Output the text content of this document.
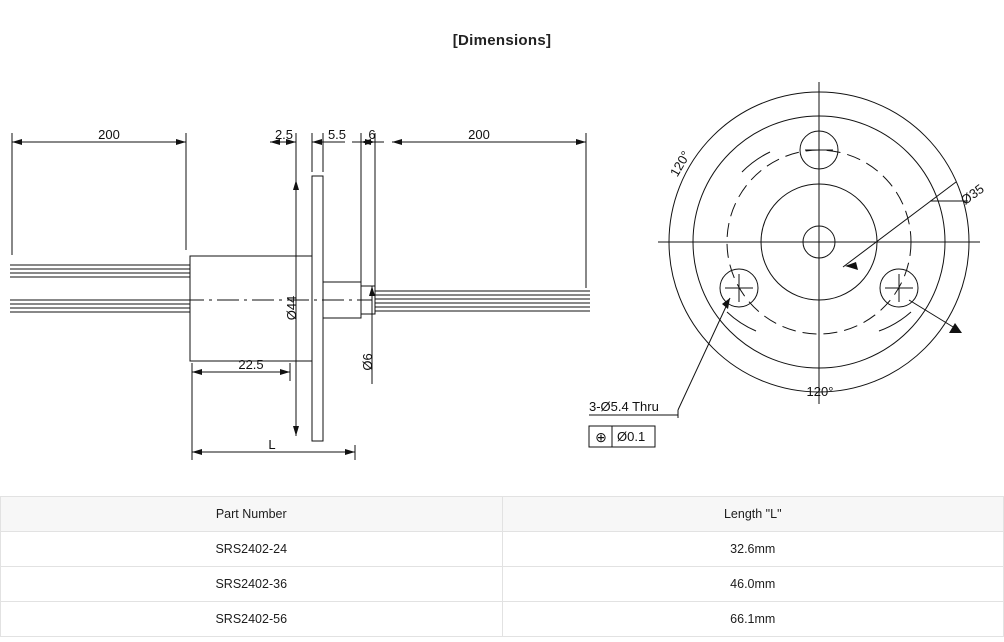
[Dimensions]
200	2.5	5.5 6	200
22.5
L
Ø44
Ø6
Ø35
120°
120°
3-Ø5.4 Thru
⊕ Ø0.1
Part Number	Length "L"
SRS2402-24	32.6mm
SRS2402-36	46.0mm
SRS2402-56	66.1mm
